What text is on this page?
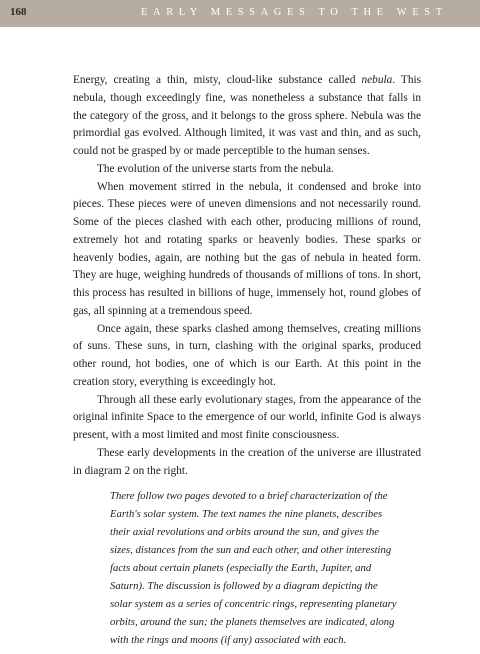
168	EARLY MESSAGES TO THE WEST

Energy, creating a thin, misty, cloud-like substance called nebula. This nebula, though exceedingly fine, was nonetheless a substance that falls in the category of the gross, and it belongs to the gross sphere. Nebula was the primordial gas evolved. Although limited, it was vast and thin, and as such, could not be grasped by or made perceptible to the human senses.

The evolution of the universe starts from the nebula.

When movement stirred in the nebula, it condensed and broke into pieces. These pieces were of uneven dimensions and not necessarily round. Some of the pieces clashed with each other, producing millions of round, extremely hot and rotating sparks or heavenly bodies. These sparks or heavenly bodies, again, are nothing but the gas of nebula in heated form. They are huge, weighing hundreds of thousands of millions of tons. In short, this process has resulted in billions of huge, immensely hot, round globes of gas, all spinning at a tremendous speed.

Once again, these sparks clashed among themselves, creating millions of suns. These suns, in turn, clashing with the original sparks, produced other round, hot bodies, one of which is our Earth. At this point in the creation story, everything is exceedingly hot.

Through all these early evolutionary stages, from the appearance of the original infinite Space to the emergence of our world, infinite God is always present, with a most limited and most finite consciousness.

These early developments in the creation of the universe are illustrated in diagram 2 on the right.

There follow two pages devoted to a brief characterization of the Earth's solar system. The text names the nine planets, describes their axial revolutions and orbits around the sun, and gives the sizes, distances from the sun and each other, and other interesting facts about certain planets (especially the Earth, Jupiter, and Saturn). The discussion is followed by a diagram depicting the solar system as a series of concentric rings, representing planetary orbits, around the sun; the planets themselves are indicated, along with the rings and moons (if any) associated with each.
